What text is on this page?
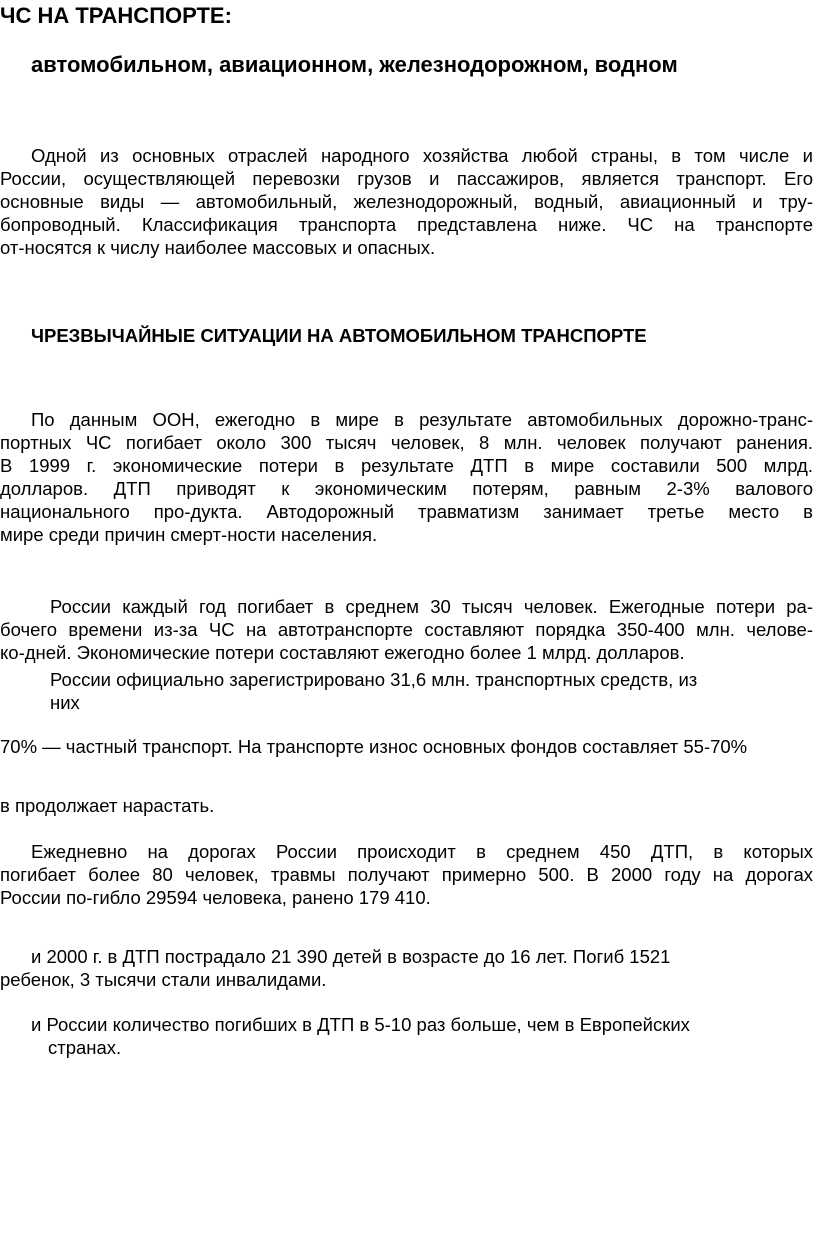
ЧС НА ТРАНСПОРТЕ:
автомобильном, авиационном, железнодорожном, водном
Одной из основных отраслей народного хозяйства любой страны, в том числе и
России, осуществляющей перевозки грузов и пассажиров, является транспорт. Его
основные виды — автомобильный, железнодорожный, водный, авиационный и тру-
бопроводный. Классификация транспорта представлена ниже. ЧС на транспорте
от-носятся к числу наиболее массовых и опасных.
ЧРЕЗВЫЧАЙНЫЕ СИТУАЦИИ НА АВТОМОБИЛЬНОМ ТРАНСПОРТЕ
По данным ООН, ежегодно в мире в результате автомобильных дорожно-транс-
портных ЧС погибает около 300 тысяч человек, 8 млн. человек получают ранения.
В 1999 г. экономические потери в результате ДТП в мире составили 500 млрд.
долларов. ДТП приводят к экономическим потерям, равным 2-3% валового
национального про-дукта. Автодорожный травматизм занимает третье место в
мире среди причин смерт-ности населения.
России каждый год погибает в среднем 30 тысяч человек. Ежегодные потери ра-
бочего времени из-за ЧС на автотранспорте составляют порядка 350-400 млн. челове-
ко-дней. Экономические потери составляют ежегодно более 1 млрд. долларов.
России официально зарегистрировано 31,6 млн. транспортных средств, из
них

70% — частный транспорт. На транспорте износ основных фондов составляет 55-70%

в продолжает нарастать.

Ежедневно на дорогах России происходит в среднем 450 ДТП, в которых
погибает более 80 человек, травмы получают примерно 500. В 2000 году на дорогах
России по-гибло 29594 человека, ранено 179 410.
и 2000 г. в ДТП пострадало 21 390 детей в возрасте до 16 лет. Погиб 1521
ребенок, 3 тысячи стали инвалидами.
и России количество погибших в ДТП в 5-10 раз больше, чем в Европейских
странах.
